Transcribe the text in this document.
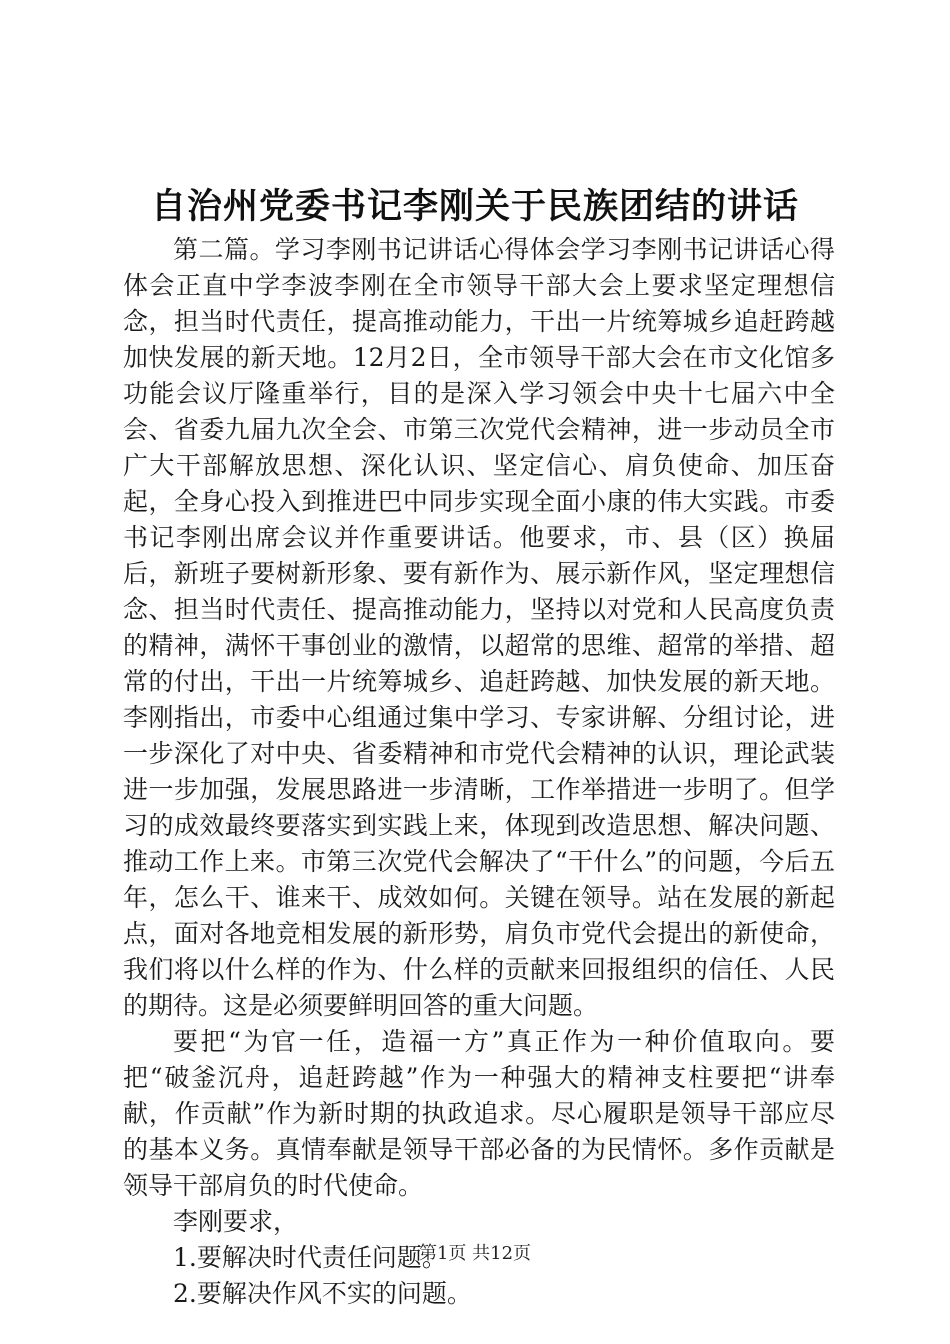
自治州党委书记李刚关于民族团结的讲话

第二篇。学习李刚书记讲话心得体会学习李刚书记讲话心得体会正直中学李波李刚在全市领导干部大会上要求坚定理想信念，担当时代责任，提高推动能力，干出一片统筹城乡追赶跨越加快发展的新天地。12月2日，全市领导干部大会在市文化馆多功能会议厅隆重举行，目的是深入学习领会中央十七届六中全会、省委九届九次全会、市第三次党代会精神，进一步动员全市广大干部解放思想、深化认识、坚定信心、肩负使命、加压奋起，全身心投入到推进巴中同步实现全面小康的伟大实践。市委书记李刚出席会议并作重要讲话。他要求，市、县（区）换届后，新班子要树新形象、要有新作为、展示新作风，坚定理想信念、担当时代责任、提高推动能力，坚持以对党和人民高度负责的精神，满怀干事创业的激情，以超常的思维、超常的举措、超常的付出，干出一片统筹城乡、追赶跨越、加快发展的新天地。李刚指出，市委中心组通过集中学习、专家讲解、分组讨论，进一步深化了对中央、省委精神和市党代会精神的认识，理论武装进一步加强，发展思路进一步清晰，工作举措进一步明了。但学习的成效最终要落实到实践上来，体现到改造思想、解决问题、推动工作上来。市第三次党代会解决了“干什么”的问题，今后五年，怎么干、谁来干、成效如何。关键在领导。站在发展的新起点，面对各地竞相发展的新形势，肩负市党代会提出的新使命，我们将以什么样的作为、什么样的贡献来回报组织的信任、人民的期待。这是必须要鲜明回答的重大问题。

要把“为官一任，造福一方”真正作为一种价值取向。要把“破釜沉舟，追赶跨越”作为一种强大的精神支柱要把“讲奉献，作贡献”作为新时期的执政追求。尽心履职是领导干部应尽的基本义务。真情奉献是领导干部必备的为民情怀。多作贡献是领导干部肩负的时代使命。

李刚要求，

1.要解决时代责任问题。

2.要解决作风不实的问题。

第1页 共12页
